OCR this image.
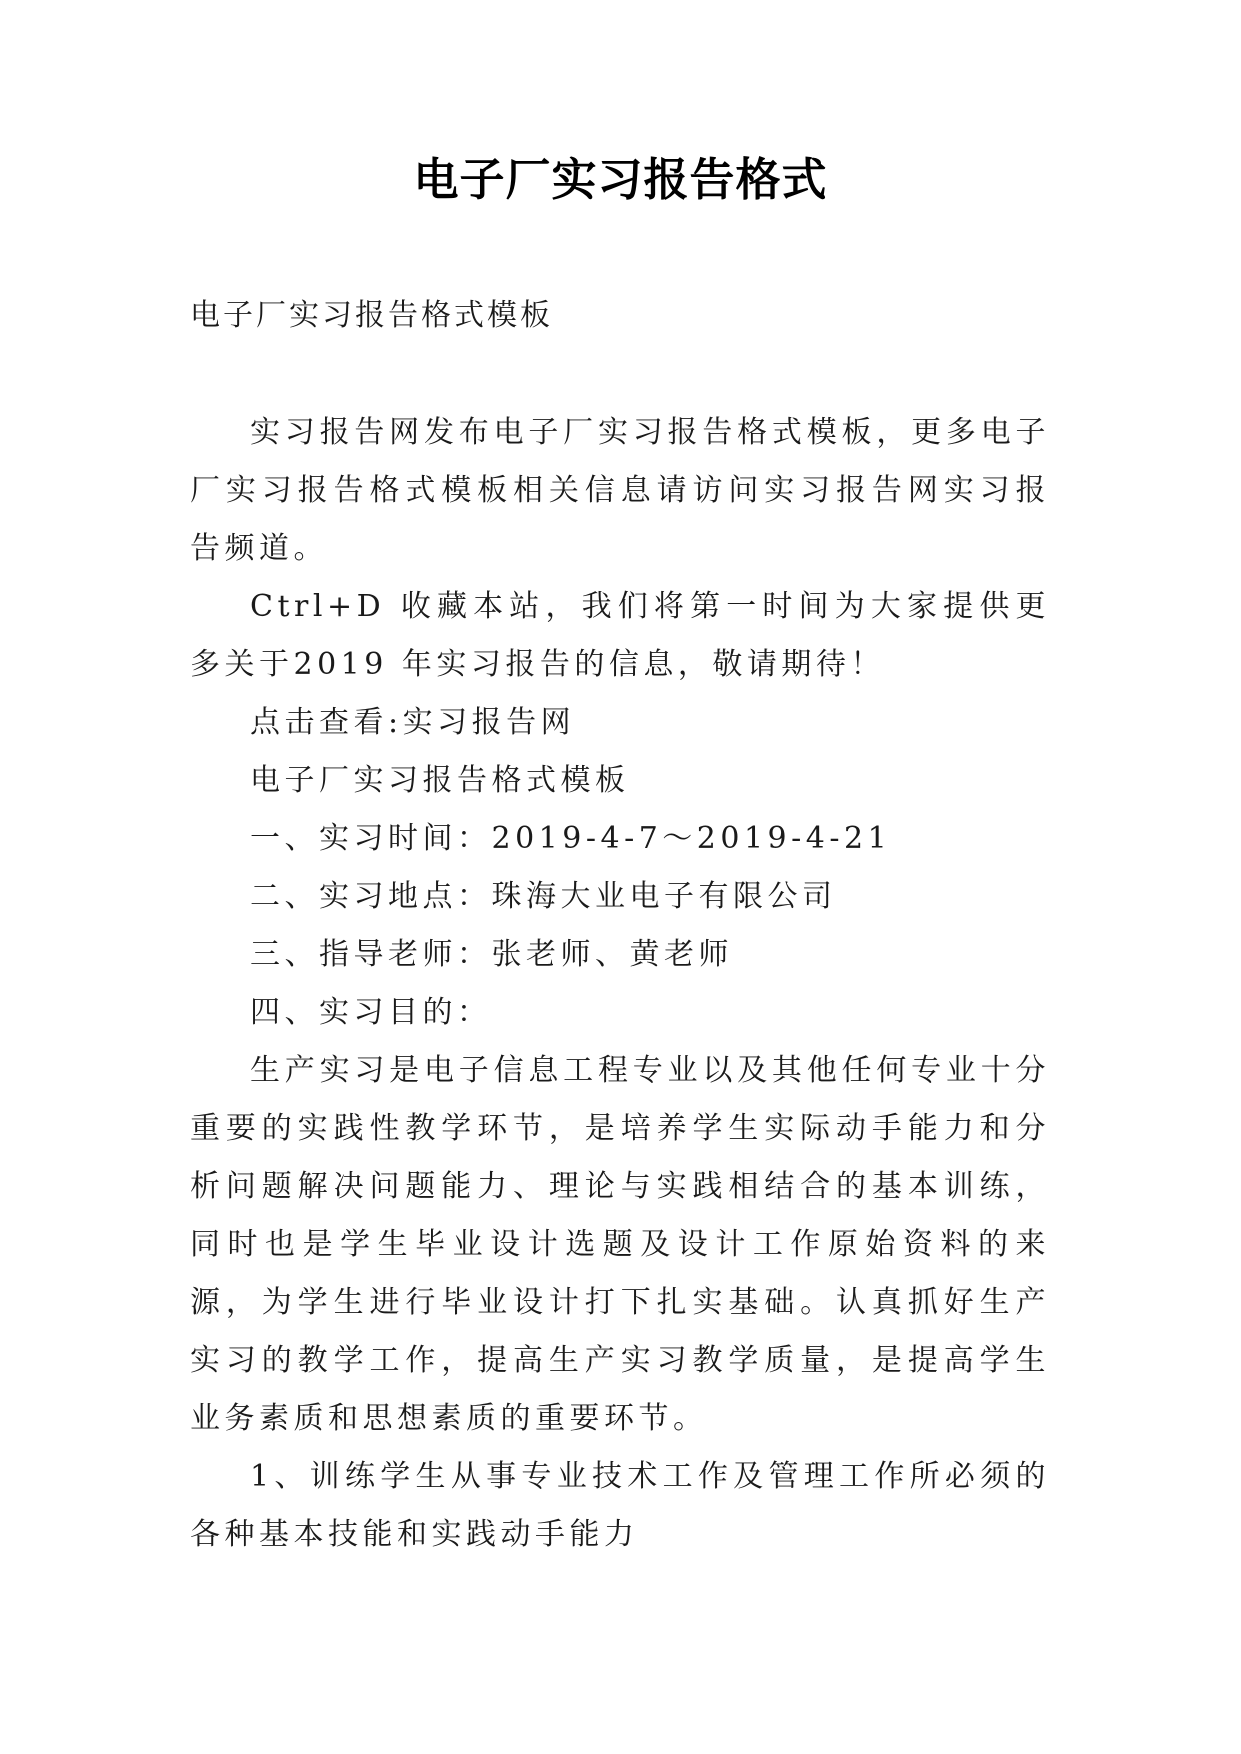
电子厂实习报告格式

电子厂实习报告格式模板

实习报告网发布电子厂实习报告格式模板，更多电子厂实习报告格式模板相关信息请访问实习报告网实习报告频道。

Ctrl+D 收藏本站，我们将第一时间为大家提供更多关于2019 年实习报告的信息，敬请期待！

点击查看:实习报告网

电子厂实习报告格式模板

一、实习时间：2019-4-7～2019-4-21

二、实习地点：珠海大业电子有限公司

三、指导老师：张老师、黄老师

四、实习目的：

生产实习是电子信息工程专业以及其他任何专业十分重要的实践性教学环节，是培养学生实际动手能力和分析问题解决问题能力、理论与实践相结合的基本训练，同时也是学生毕业设计选题及设计工作原始资料的来源，为学生进行毕业设计打下扎实基础。认真抓好生产实习的教学工作，提高生产实习教学质量，是提高学生业务素质和思想素质的重要环节。

1、训练学生从事专业技术工作及管理工作所必须的各种基本技能和实践动手能力
